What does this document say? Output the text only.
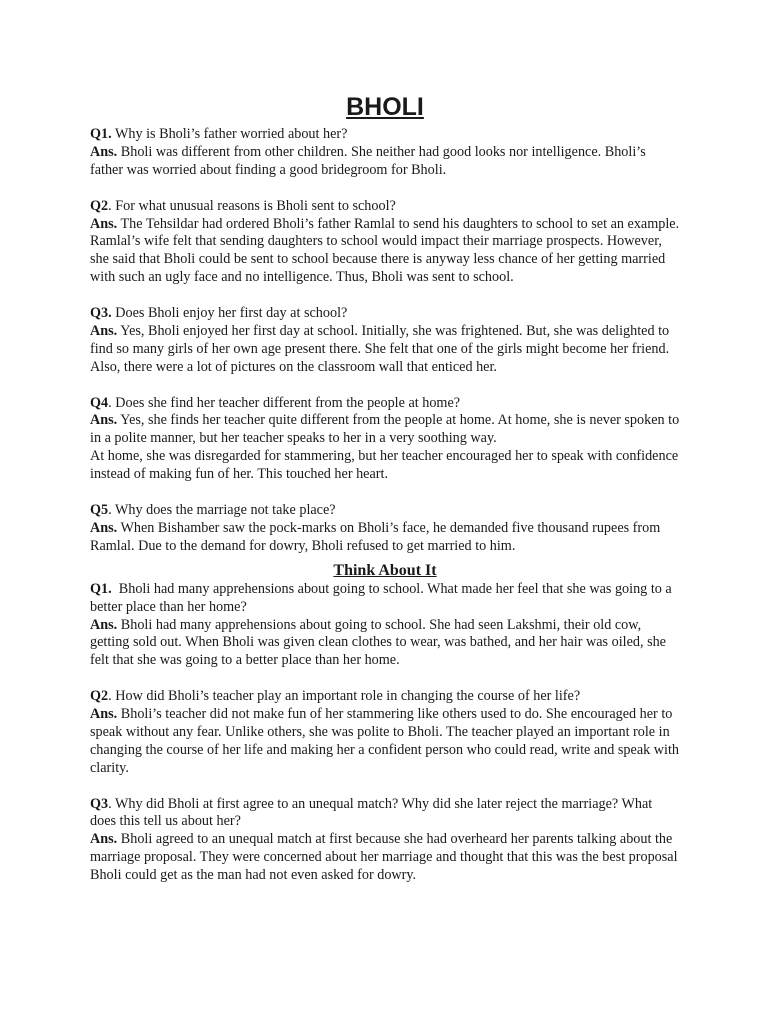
BHOLI

Q1. Why is Bholi’s father worried about her?

Ans. Bholi was different from other children. She neither had good looks nor intelligence. Bholi’s father was worried about finding a good bridegroom for Bholi.

Q2. For what unusual reasons is Bholi sent to school?

Ans. The Tehsildar had ordered Bholi’s father Ramlal to send his daughters to school to set an example. Ramlal’s wife felt that sending daughters to school would impact their marriage prospects. However, she said that Bholi could be sent to school because there is anyway less chance of her getting married with such an ugly face and no intelligence. Thus, Bholi was sent to school.

Q3. Does Bholi enjoy her first day at school?

Ans. Yes, Bholi enjoyed her first day at school. Initially, she was frightened. But, she was delighted to find so many girls of her own age present there. She felt that one of the girls might become her friend. Also, there were a lot of pictures on the classroom wall that enticed her.

Q4. Does she find her teacher different from the people at home?

Ans. Yes, she finds her teacher quite different from the people at home. At home, she is never spoken to in a polite manner, but her teacher speaks to her in a very soothing way.

At home, she was disregarded for stammering, but her teacher encouraged her to speak with confidence instead of making fun of her. This touched her heart.

Q5. Why does the marriage not take place?

Ans. When Bishamber saw the pock-marks on Bholi’s face, he demanded five thousand rupees from Ramlal. Due to the demand for dowry, Bholi refused to get married to him.

Think About It

Q1.  Bholi had many apprehensions about going to school. What made her feel that she was going to a better place than her home?

Ans. Bholi had many apprehensions about going to school. She had seen Lakshmi, their old cow, getting sold out. When Bholi was given clean clothes to wear, was bathed, and her hair was oiled, she felt that she was going to a better place than her home.

Q2. How did Bholi’s teacher play an important role in changing the course of her life?

Ans. Bholi’s teacher did not make fun of her stammering like others used to do. She encouraged her to speak without any fear. Unlike others, she was polite to Bholi. The teacher played an important role in changing the course of her life and making her a confident person who could read, write and speak with clarity.

Q3. Why did Bholi at first agree to an unequal match? Why did she later reject the marriage? What does this tell us about her?

Ans. Bholi agreed to an unequal match at first because she had overheard her parents talking about the marriage proposal. They were concerned about her marriage and thought that this was the best proposal Bholi could get as the man had not even asked for dowry.
